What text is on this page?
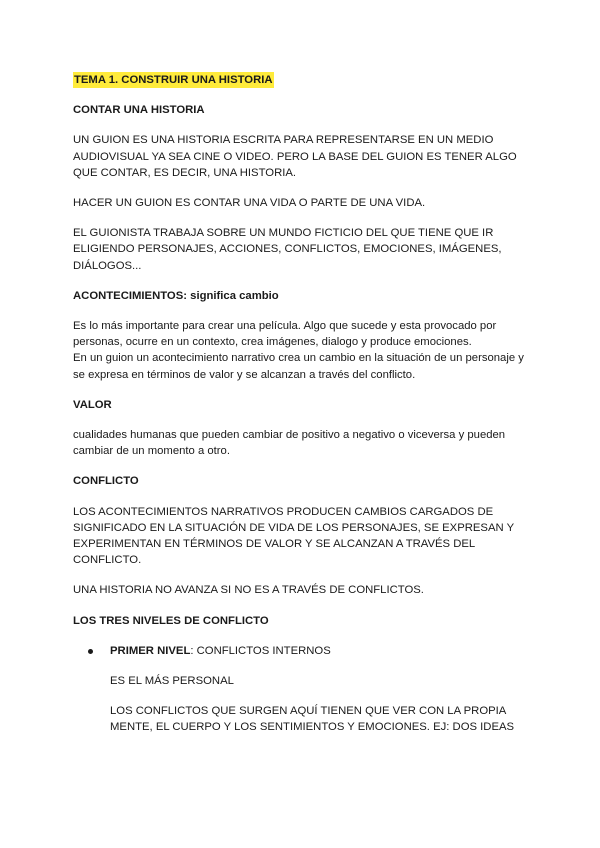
TEMA 1. CONSTRUIR UNA HISTORIA
CONTAR UNA HISTORIA

UN GUION ES UNA HISTORIA ESCRITA PARA REPRESENTARSE EN UN MEDIO AUDIOVISUAL YA SEA CINE O VIDEO. PERO LA BASE DEL GUION ES TENER ALGO QUE CONTAR, ES DECIR, UNA HISTORIA.

HACER UN GUION ES CONTAR UNA VIDA O PARTE DE UNA VIDA.

EL GUIONISTA TRABAJA SOBRE UN MUNDO FICTICIO DEL QUE TIENE QUE IR ELIGIENDO PERSONAJES, ACCIONES, CONFLICTOS, EMOCIONES, IMÁGENES, DIÁLOGOS...

ACONTECIMIENTOS: significa cambio

Es lo más importante para crear una película. Algo que sucede y esta provocado por personas, ocurre en un contexto, crea imágenes, dialogo y produce emociones.

En un guion un acontecimiento narrativo crea un cambio en la situación de un personaje y se expresa en términos de valor y se alcanzan a través del conflicto.

VALOR

cualidades humanas que pueden cambiar de positivo a negativo o viceversa y pueden cambiar de un momento a otro.

CONFLICTO

LOS ACONTECIMIENTOS NARRATIVOS PRODUCEN CAMBIOS CARGADOS DE SIGNIFICADO EN LA SITUACIÓN DE VIDA DE LOS PERSONAJES, SE EXPRESAN Y EXPERIMENTAN EN TÉRMINOS DE VALOR Y SE ALCANZAN A TRAVÉS DEL CONFLICTO.

UNA HISTORIA NO AVANZA SI NO ES A TRAVÉS DE CONFLICTOS.

LOS TRES NIVELES DE CONFLICTO
PRIMER NIVEL: CONFLICTOS INTERNOS
ES EL MÁS PERSONAL
LOS CONFLICTOS QUE SURGEN AQUÍ TIENEN QUE VER CON LA PROPIA MENTE, EL CUERPO Y LOS SENTIMIENTOS Y EMOCIONES. EJ: DOS IDEAS
